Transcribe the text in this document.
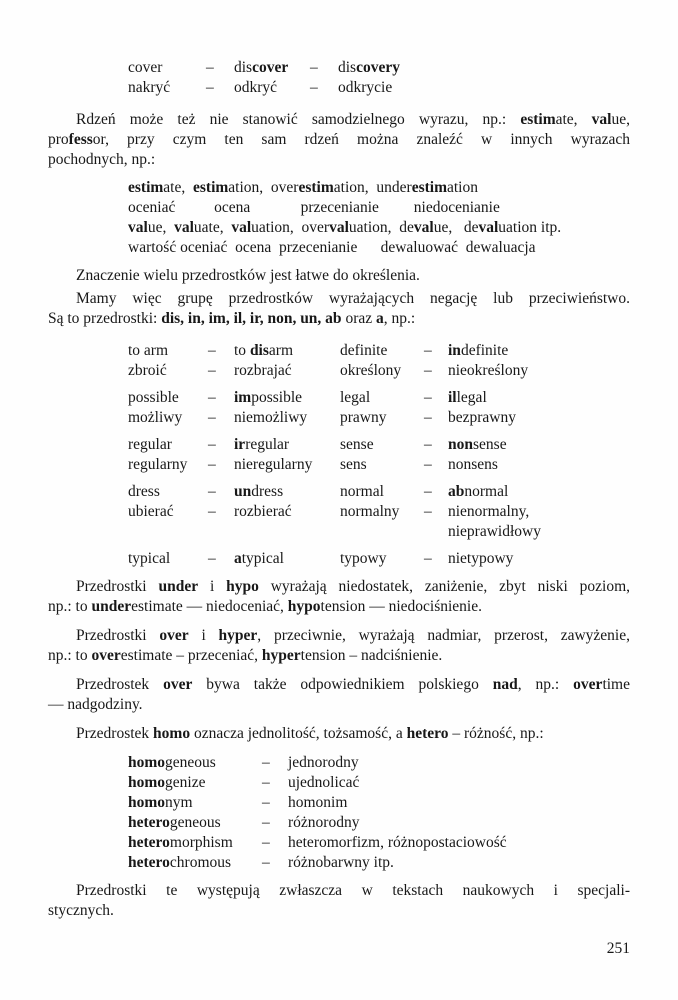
cover	–	discover	–	discovery
nakryć	–	odkryć	–	odkrycie
Rdzeń może też nie stanowić samodzielnego wyrazu, np.: estimate, value,
professor, przy czym ten sam rdzeń można znaleźć w innych wyrazach
pochodnych, np.:
estimate,  estimation,  overestimation,  underestimation
oceniać          ocena             przecenianie         niedocenianie
value,  valuate,  valuation,  overvaluation,  devalue,   devaluation itp.
wartość oceniać  ocena  przecenianie      dewaluować  dewaluacja
Znaczenie wielu przedrostków jest łatwe do określenia.
Mamy więc grupę przedrostków wyrażających negację lub przeciwieństwo.
Są to przedrostki: dis, in, im, il, ir, non, un, ab oraz a, np.:
to arm	–	to disarm	definite	–	indefinite
zbroić	–	rozbrajać	określony	–	nieokreślony
possible	–	impossible	legal	–	illegal
możliwy	–	niemożliwy	prawny	–	bezprawny
regular	–	irregular	sense	–	nonsense
regularny	–	nieregularny	sens	–	nonsens
dress	–	undress	normal	–	abnormal
ubierać	–	rozbierać	normalny	–	nienormalny,
nieprawidłowy
typical	–	atypical	typowy	–	nietypowy
Przedrostki under i hypo wyrażają niedostatek, zaniżenie, zbyt niski poziom,
np.: to underestimate — niedoceniać, hypotension — niedociśnienie.
Przedrostki over i hyper, przeciwnie, wyrażają nadmiar, przerost, zawyżenie,
np.: to overestimate – przeceniać, hypertension – nadciśnienie.
Przedrostek over bywa także odpowiednikiem polskiego nad, np.: overtime
— nadgodziny.
Przedrostek homo oznacza jednolitość, tożsamość, a hetero – różność, np.:
homogeneous	–	jednorodny
homogenize	–	ujednolicać
homonym	–	homonim
heterogeneous	–	różnorodny
heteromorphism	–	heteromorfizm, różnopostaciowość
heterochromous	–	różnobarwny itp.
Przedrostki te występują zwłaszcza w tekstach naukowych i specjali-
stycznych.
251
